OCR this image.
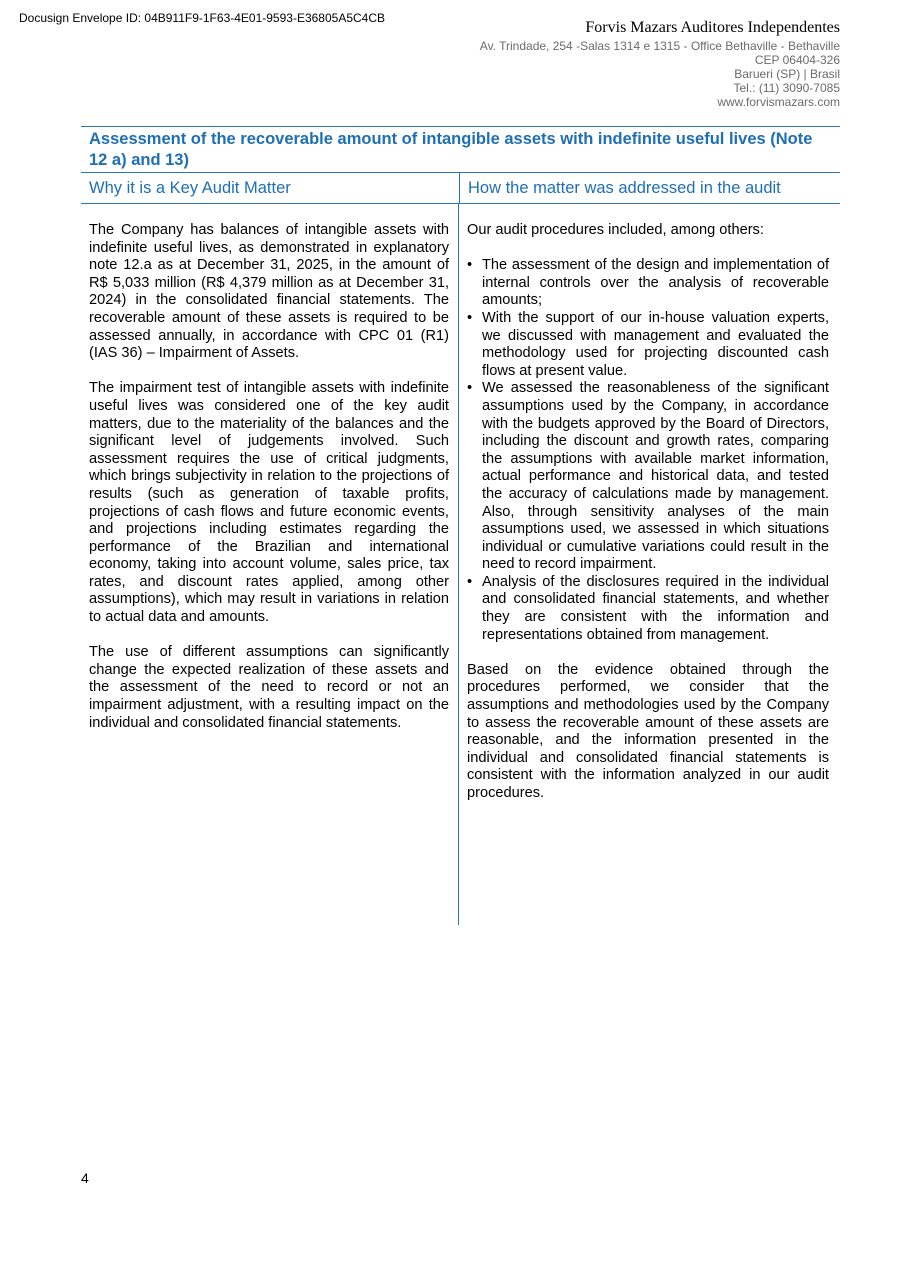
Docusign Envelope ID: 04B911F9-1F63-4E01-9593-E36805A5C4CB
Forvis Mazars Auditores Independentes
Av. Trindade, 254 -Salas 1314 e 1315 - Office Bethaville - Bethaville
CEP 06404-326
Barueri (SP) | Brasil
Tel.: (11) 3090-7085
www.forvismazars.com
Assessment of the recoverable amount of intangible assets with indefinite useful lives (Note 12 a) and 13)
Why it is a Key Audit Matter	How the matter was addressed in the audit

The Company has balances of intangible assets with indefinite useful lives, as demonstrated in explanatory note 12.a as at December 31, 2025, in the amount of R$ 5,033 million (R$ 4,379 million as at December 31, 2024) in the consolidated financial statements. The recoverable amount of these assets is required to be assessed annually, in accordance with CPC 01 (R1) (IAS 36) – Impairment of Assets.

The impairment test of intangible assets with indefinite useful lives was considered one of the key audit matters, due to the materiality of the balances and the significant level of judgements involved. Such assessment requires the use of critical judgments, which brings subjectivity in relation to the projections of results (such as generation of taxable profits, projections of cash flows and future economic events, and projections including estimates regarding the performance of the Brazilian and international economy, taking into account volume, sales price, tax rates, and discount rates applied, among other assumptions), which may result in variations in relation to actual data and amounts.

The use of different assumptions can significantly change the expected realization of these assets and the assessment of the need to record or not an impairment adjustment, with a resulting impact on the individual and consolidated financial statements.

Our audit procedures included, among others:

• The assessment of the design and implementation of internal controls over the analysis of recoverable amounts;
• With the support of our in-house valuation experts, we discussed with management and evaluated the methodology used for projecting discounted cash flows at present value.
• We assessed the reasonableness of the significant assumptions used by the Company, in accordance with the budgets approved by the Board of Directors, including the discount and growth rates, comparing the assumptions with available market information, actual performance and historical data, and tested the accuracy of calculations made by management. Also, through sensitivity analyses of the main assumptions used, we assessed in which situations individual or cumulative variations could result in the need to record impairment.
• Analysis of the disclosures required in the individual and consolidated financial statements, and whether they are consistent with the information and representations obtained from management.

Based on the evidence obtained through the procedures performed, we consider that the assumptions and methodologies used by the Company to assess the recoverable amount of these assets are reasonable, and the information presented in the individual and consolidated financial statements is consistent with the information analyzed in our audit procedures.

4
